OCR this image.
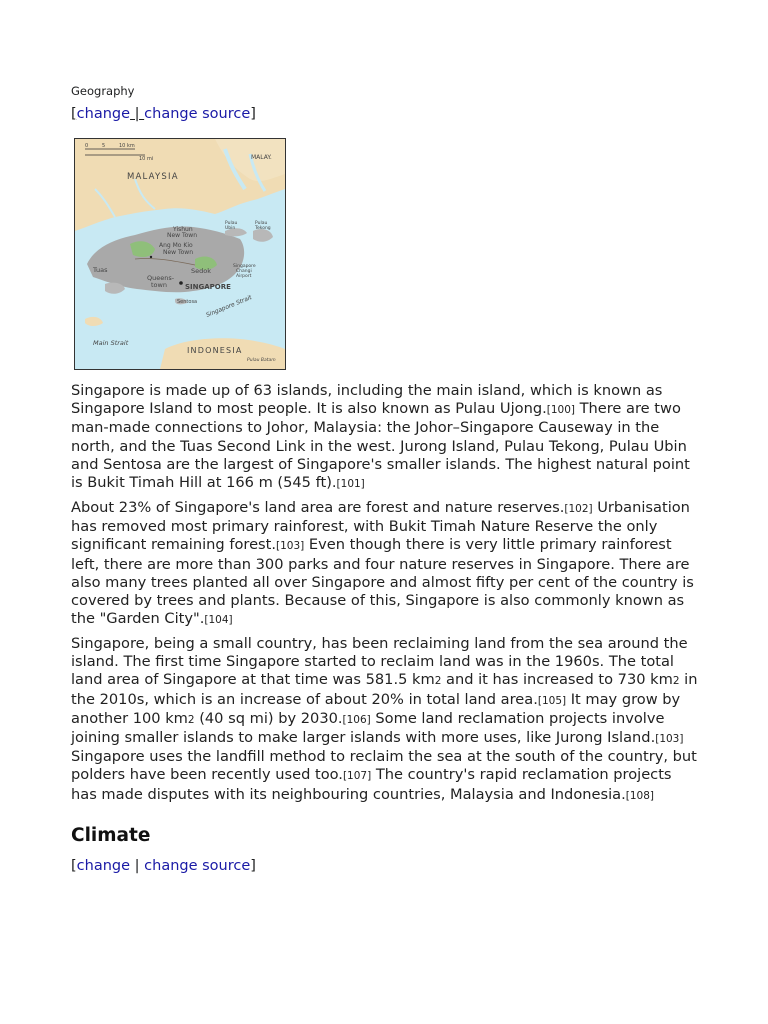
Geography
[change | change source]
0	5	10 km
10 mi
MALAYSIA
MALAY.
Yishun
New Town
Ang Mo Kio
New Town
Tuas	Sedok
Queens-
town	SINGAPORE
Sentosa
Singapore
Changi
Airport
Pulau
Ubin
Pulau
Tekong
Singapore Strait
Main Strait
INDONESIA
Pulau Batam

Singapore is made up of 63 islands, including the main island, which is known as Singapore Island to most people. It is also known as Pulau Ujong.[100] There are two man-made connections to Johor, Malaysia: the Johor–Singapore Causeway in the north, and the Tuas Second Link in the west. Jurong Island, Pulau Tekong, Pulau Ubin and Sentosa are the largest of Singapore's smaller islands. The highest natural point is Bukit Timah Hill at 166 m (545 ft).[101]

About 23% of Singapore's land area are forest and nature reserves.[102] Urbanisation has removed most primary rainforest, with Bukit Timah Nature Reserve the only significant remaining forest.[103] Even though there is very little primary rainforest left, there are more than 300 parks and four nature reserves in Singapore. There are also many trees planted all over Singapore and almost fifty per cent of the country is covered by trees and plants. Because of this, Singapore is also commonly known as the "Garden City".[104]

Singapore, being a small country, has been reclaiming land from the sea around the island. The first time Singapore started to reclaim land was in the 1960s. The total land area of Singapore at that time was 581.5 km2 and it has increased to 730 km2 in the 2010s, which is an increase of about 20% in total land area.[105] It may grow by another 100 km2 (40 sq mi) by 2030.[106] Some land reclamation projects involve joining smaller islands to make larger islands with more uses, like Jurong Island.[103] Singapore uses the landfill method to reclaim the sea at the south of the country, but polders have been recently used too.[107] The country's rapid reclamation projects has made disputes with its neighbouring countries, Malaysia and Indonesia.[108]

Climate
[change | change source]
